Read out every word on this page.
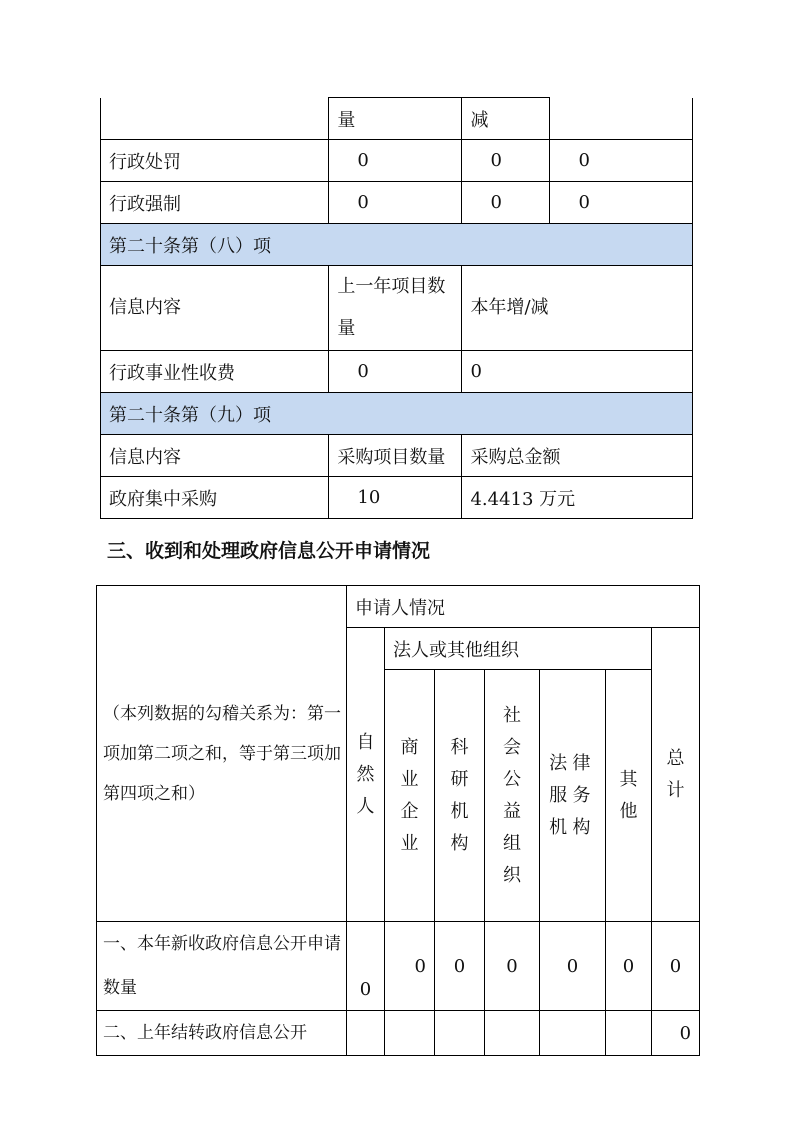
	量	减	
行政处罚	0	0	0
行政强制	0	0	0
第二十条第（八）项			
信息内容	上一年项目数量	本年增/减	
行政事业性收费	0	0	
第二十条第（九）项			
信息内容	采购项目数量	采购总金额	
政府集中采购	10	4.4413 万元	
三、收到和处理政府信息公开申请情况
（本列数据的勾稽关系为：第一项加第二项之和，等于第三项加第四项之和）	申请人情况						

	自然人	法人或其他组织					总计

		商业企业	科研机构	社会公益组织	法律服务机构	其他	

一、本年新收政府信息公开申请数量	0	0	0	0	0	0	0
二、上年结转政府信息公开							0
